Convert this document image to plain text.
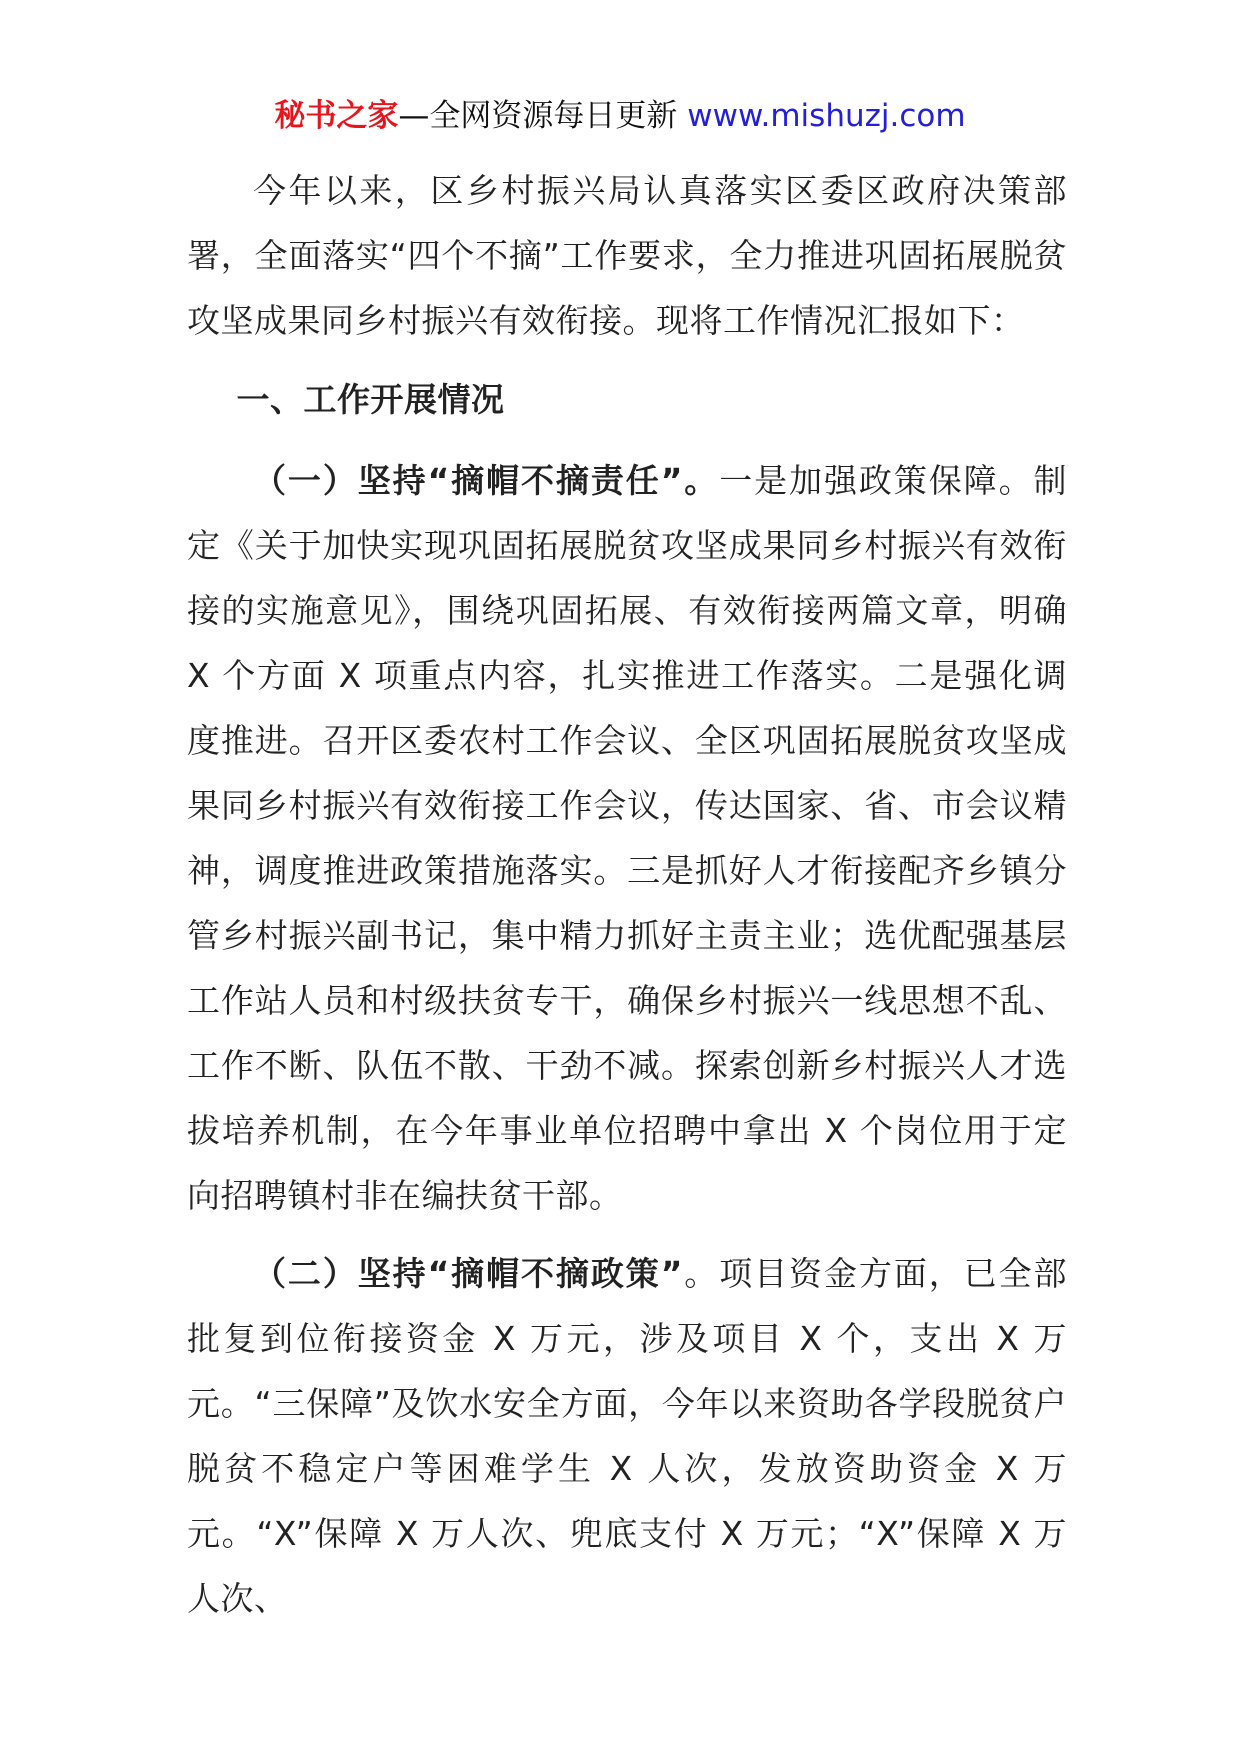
秘书之家—全网资源每日更新 www.mishuzj.com

今年以来，区乡村振兴局认真落实区委区政府决策部署，全面落实“四个不摘”工作要求，全力推进巩固拓展脱贫攻坚成果同乡村振兴有效衔接。现将工作情况汇报如下：

一、工作开展情况

（一）坚持“摘帽不摘责任”。一是加强政策保障。制定《关于加快实现巩固拓展脱贫攻坚成果同乡村振兴有效衔接的实施意见》，围绕巩固拓展、有效衔接两篇文章，明确 X 个方面 X 项重点内容，扎实推进工作落实。二是强化调度推进。召开区委农村工作会议、全区巩固拓展脱贫攻坚成果同乡村振兴有效衔接工作会议，传达国家、省、市会议精神，调度推进政策措施落实。三是抓好人才衔接配齐乡镇分管乡村振兴副书记，集中精力抓好主责主业；选优配强基层工作站人员和村级扶贫专干，确保乡村振兴一线思想不乱、工作不断、队伍不散、干劲不减。探索创新乡村振兴人才选拔培养机制，在今年事业单位招聘中拿出 X 个岗位用于定向招聘镇村非在编扶贫干部。

（二）坚持“摘帽不摘政策”。项目资金方面，已全部批复到位衔接资金 X 万元，涉及项目 X 个，支出 X 万元。“三保障”及饮水安全方面，今年以来资助各学段脱贫户脱贫不稳定户等困难学生 X 人次，发放资助资金 X 万元。“X”保障 X 万人次、兜底支付 X 万元；“X”保障 X 万人次、
